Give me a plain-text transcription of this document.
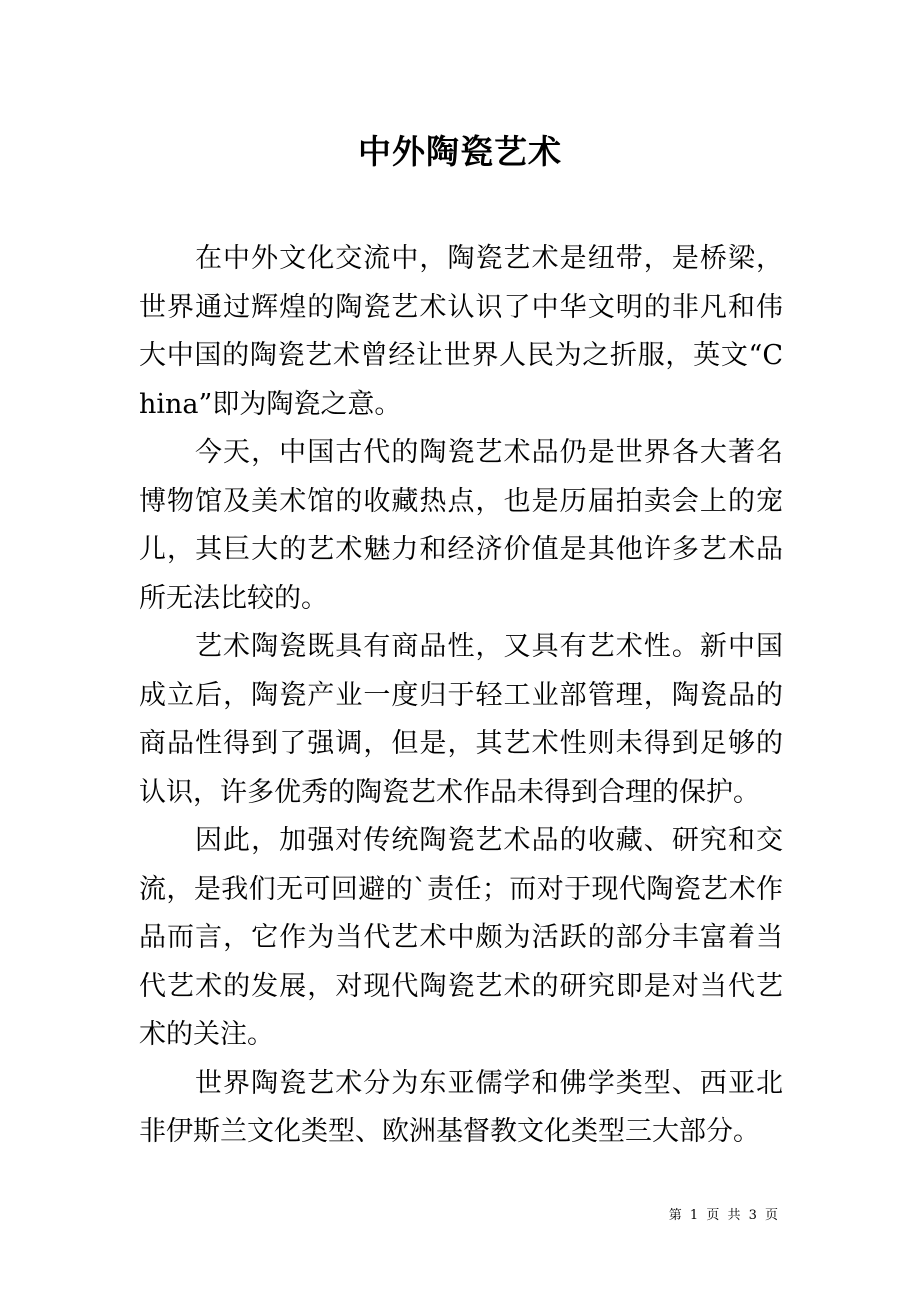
中外陶瓷艺术

在中外文化交流中，陶瓷艺术是纽带，是桥梁，世界通过辉煌的陶瓷艺术认识了中华文明的非凡和伟大中国的陶瓷艺术曾经让世界人民为之折服，英文“China”即为陶瓷之意。

今天，中国古代的陶瓷艺术品仍是世界各大著名博物馆及美术馆的收藏热点，也是历届拍卖会上的宠儿，其巨大的艺术魅力和经济价值是其他许多艺术品所无法比较的。

艺术陶瓷既具有商品性，又具有艺术性。新中国成立后，陶瓷产业一度归于轻工业部管理，陶瓷品的商品性得到了强调，但是，其艺术性则未得到足够的认识，许多优秀的陶瓷艺术作品未得到合理的保护。

因此，加强对传统陶瓷艺术品的收藏、研究和交流，是我们无可回避的`责任；而对于现代陶瓷艺术作品而言，它作为当代艺术中颇为活跃的部分丰富着当代艺术的发展，对现代陶瓷艺术的研究即是对当代艺术的关注。

世界陶瓷艺术分为东亚儒学和佛学类型、西亚北非伊斯兰文化类型、欧洲基督教文化类型三大部分。

第 1 页 共 3 页
